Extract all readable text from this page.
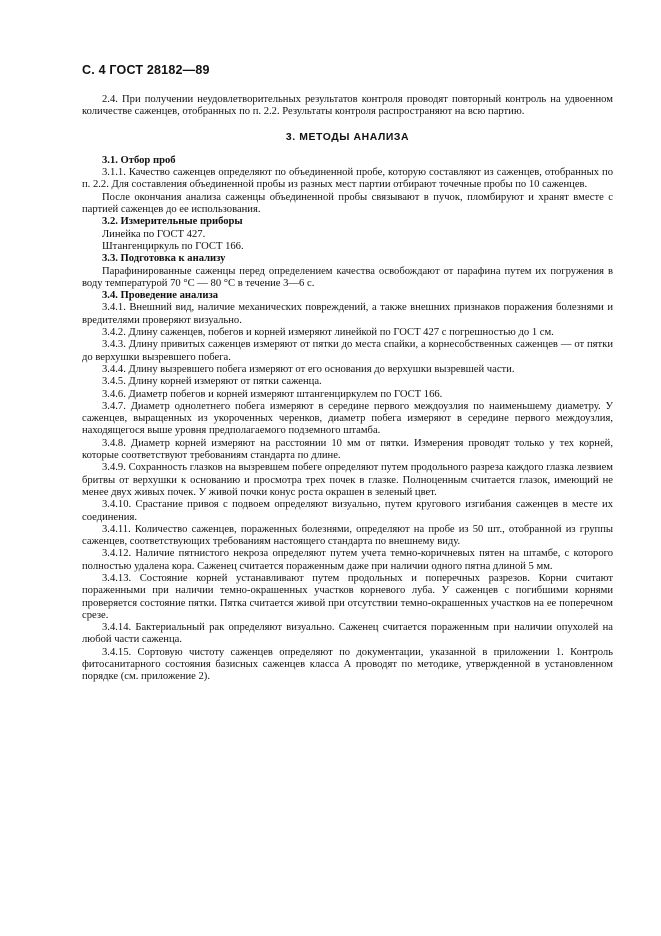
С. 4 ГОСТ 28182—89

2.4. При получении неудовлетворительных результатов контроля проводят повторный контроль на удвоенном количестве саженцев, отобранных по п. 2.2. Результаты контроля распространяют на всю партию.

3. МЕТОДЫ АНАЛИЗА

3.1. Отбор проб

3.1.1. Качество саженцев определяют по объединенной пробе, которую составляют из саженцев, отобранных по п. 2.2. Для составления объединенной пробы из разных мест партии отбирают точечные пробы по 10 саженцев.

После окончания анализа саженцы объединенной пробы связывают в пучок, пломбируют и хранят вместе с партией саженцев до ее использования.

3.2. Измерительные приборы

Линейка по ГОСТ 427.

Штангенциркуль по ГОСТ 166.

3.3. Подготовка к анализу

Парафинированные саженцы перед определением качества освобождают от парафина путем их погружения в воду температурой 70 °С — 80 °С в течение 3—6 с.

3.4. Проведение анализа

3.4.1. Внешний вид, наличие механических повреждений, а также внешних признаков поражения болезнями и вредителями проверяют визуально.

3.4.2. Длину саженцев, побегов и корней измеряют линейкой по ГОСТ 427 с погрешностью до 1 см.

3.4.3. Длину привитых саженцев измеряют от пятки до места спайки, а корнесобственных саженцев — от пятки до верхушки вызревшего побега.

3.4.4. Длину вызревшего побега измеряют от его основания до верхушки вызревшей части.

3.4.5. Длину корней измеряют от пятки саженца.

3.4.6. Диаметр побегов и корней измеряют штангенциркулем по ГОСТ 166.

3.4.7. Диаметр однолетнего побега измеряют в середине первого междоузлия по наименьшему диаметру. У саженцев, выращенных из укороченных черенков, диаметр побега измеряют в середине первого междоузлия, находящегося выше уровня предполагаемого подземного штамба.

3.4.8. Диаметр корней измеряют на расстоянии 10 мм от пятки. Измерения проводят только у тех корней, которые соответствуют требованиям стандарта по длине.

3.4.9. Сохранность глазков на вызревшем побеге определяют путем продольного разреза каждого глазка лезвием бритвы от верхушки к основанию и просмотра трех почек в глазке. Полноценным считается глазок, имеющий не менее двух живых почек. У живой почки конус роста окрашен в зеленый цвет.

3.4.10. Срастание привоя с подвоем определяют визуально, путем кругового изгибания саженцев в месте их соединения.

3.4.11. Количество саженцев, пораженных болезнями, определяют на пробе из 50 шт., отобранной из группы саженцев, соответствующих требованиям настоящего стандарта по внешнему виду.

3.4.12. Наличие пятнистого некроза определяют путем учета темно-коричневых пятен на штамбе, с которого полностью удалена кора. Саженец считается пораженным даже при наличии одного пятна длиной 5 мм.

3.4.13. Состояние корней устанавливают путем продольных и поперечных разрезов. Корни считают пораженными при наличии темно-окрашенных участков корневого луба. У саженцев с погибшими корнями проверяется состояние пятки. Пятка считается живой при отсутствии темно-окрашенных участков на ее поперечном срезе.

3.4.14. Бактериальный рак определяют визуально. Саженец считается пораженным при наличии опухолей на любой части саженца.

3.4.15. Сортовую чистоту саженцев определяют по документации, указанной в приложении 1. Контроль фитосанитарного состояния базисных саженцев класса А проводят по методике, утвержденной в установленном порядке (см. приложение 2).
